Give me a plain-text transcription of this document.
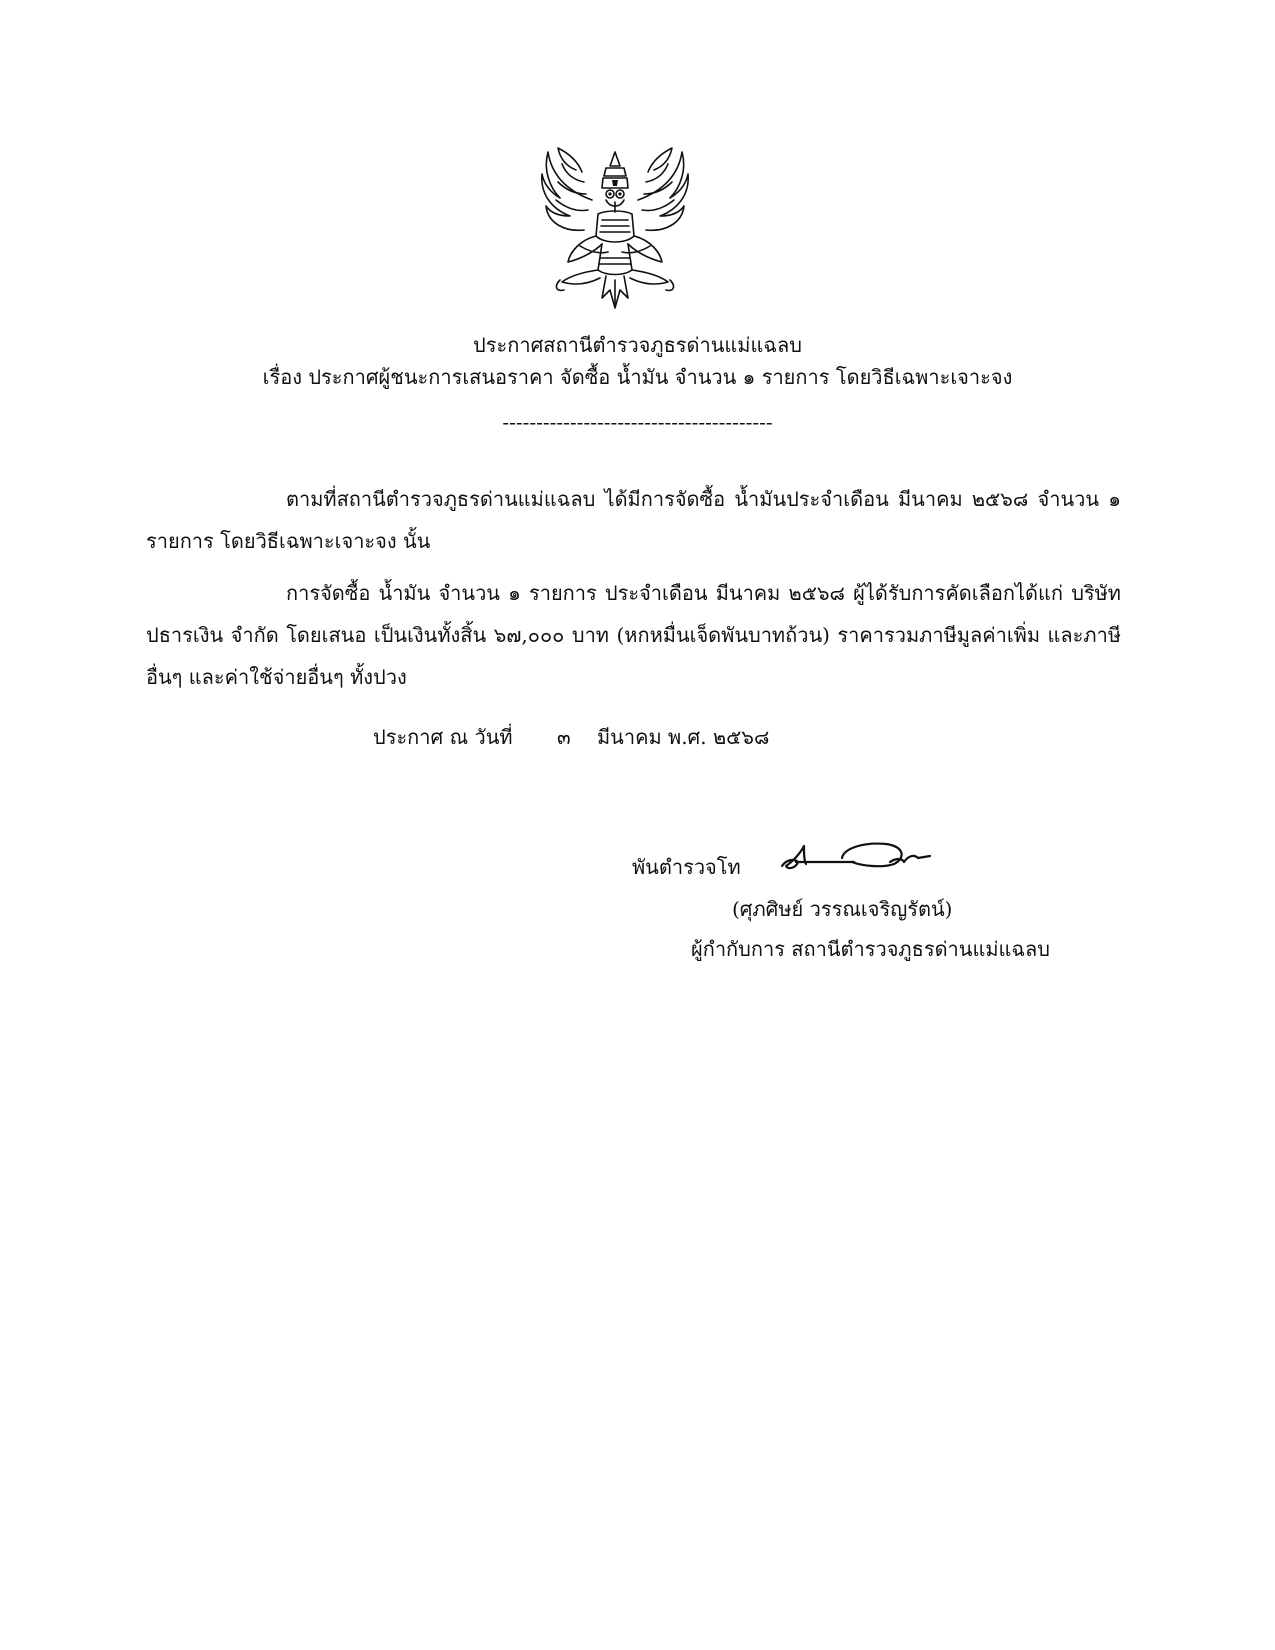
ประกาศสถานีตำรวจภูธรด่านแม่แฉลบ
เรื่อง ประกาศผู้ชนะการเสนอราคา จัดซื้อ น้ำมัน จำนวน ๑ รายการ โดยวิธีเฉพาะเจาะจง
----------------------------------------

ตามที่สถานีตำรวจภูธรด่านแม่แฉลบ ได้มีการจัดซื้อ น้ำมันประจำเดือน มีนาคม ๒๕๖๘ จำนวน ๑ รายการ โดยวิธีเฉพาะเจาะจง นั้น

การจัดซื้อ น้ำมัน จำนวน ๑ รายการ ประจำเดือน มีนาคม ๒๕๖๘ ผู้ได้รับการคัดเลือกได้แก่ บริษัท ปธารเงิน จำกัด โดยเสนอ เป็นเงินทั้งสิ้น ๖๗,๐๐๐ บาท (หกหมื่นเจ็ดพันบาทถ้วน) ราคารวมภาษีมูลค่าเพิ่ม และภาษีอื่นๆ และค่าใช้จ่ายอื่นๆ ทั้งปวง

ประกาศ ณ วันที่ ๓ มีนาคม พ.ศ. ๒๕๖๘
พันตำรวจโท
(ศุภศิษย์ วรรณเจริญรัตน์)
ผู้กำกับการ สถานีตำรวจภูธรด่านแม่แฉลบ
